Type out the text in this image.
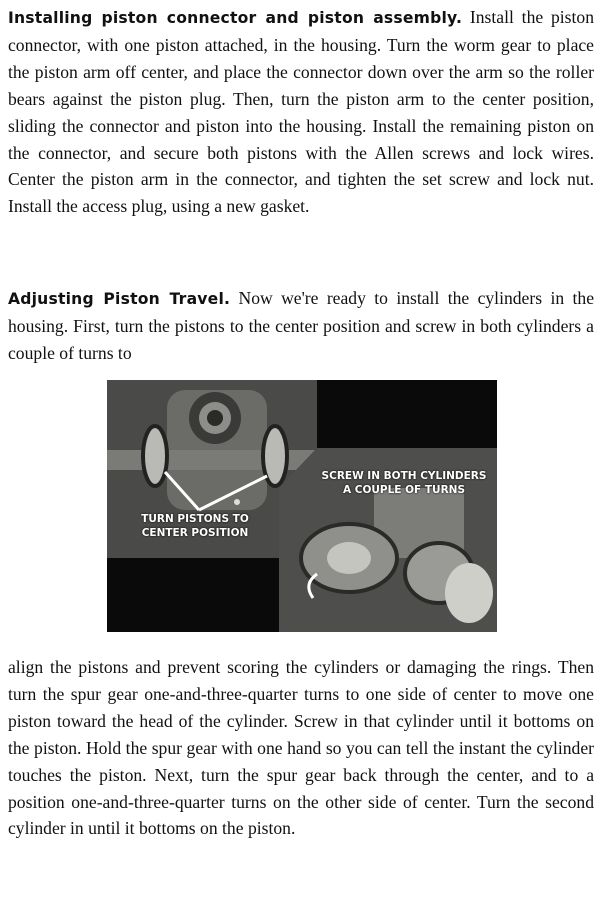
Installing piston connector and piston assembly. Install the piston connector, with one piston attached, in the housing. Turn the worm gear to place the piston arm off center, and place the connector down over the arm so the roller bears against the piston plug. Then, turn the piston arm to the center position, sliding the connector and piston into the housing. Install the remaining piston on the connector, and secure both pistons with the Allen screws and lock wires. Center the piston arm in the connector, and tighten the set screw and lock nut. Install the access plug, using a new gasket.

Adjusting Piston Travel. Now we're ready to install the cylinders in the housing. First, turn the pistons to the center position and screw in both cylinders a couple of turns to

TURN PISTONS TO CENTER POSITION
SCREW IN BOTH CYLINDERS A COUPLE OF TURNS

align the pistons and prevent scoring the cylinders or damaging the rings. Then turn the spur gear one-and-three-quarter turns to one side of center to move one piston toward the head of the cylinder. Screw in that cylinder until it bottoms on the piston. Hold the spur gear with one hand so you can tell the instant the cylinder touches the piston. Next, turn the spur gear back through the center, and to a position one-and-three-quarter turns on the other side of center. Turn the second cylinder in until it bottoms on the piston.
